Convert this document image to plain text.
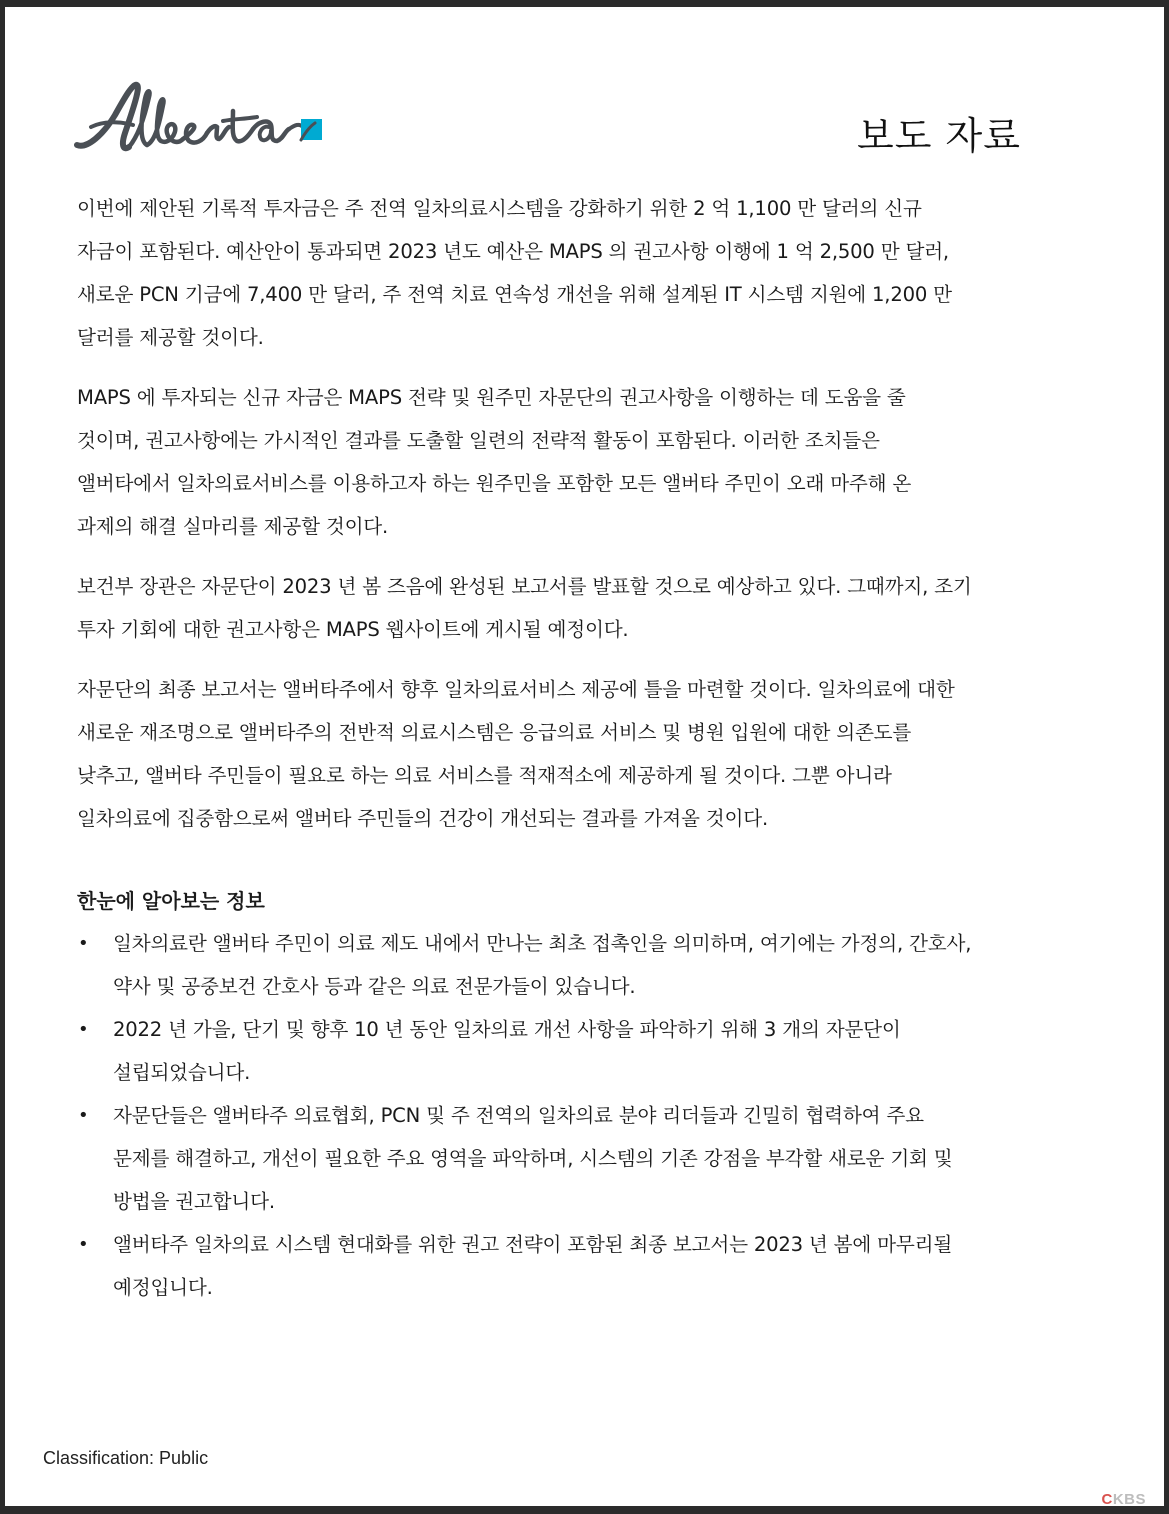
보도 자료

이번에 제안된 기록적 투자금은 주 전역 일차의료시스템을 강화하기 위한 2 억 1,100 만 달러의 신규
자금이 포함된다. 예산안이 통과되면 2023 년도 예산은 MAPS 의 권고사항 이행에 1 억 2,500 만 달러,
새로운 PCN 기금에 7,400 만 달러, 주 전역 치료 연속성 개선을 위해 설계된 IT 시스템 지원에 1,200 만
달러를 제공할 것이다.

MAPS 에 투자되는 신규 자금은 MAPS 전략 및 원주민 자문단의 권고사항을 이행하는 데 도움을 줄
것이며, 권고사항에는 가시적인 결과를 도출할 일련의 전략적 활동이 포함된다. 이러한 조치들은
앨버타에서 일차의료서비스를 이용하고자 하는 원주민을 포함한 모든 앨버타 주민이 오래 마주해 온
과제의 해결 실마리를 제공할 것이다.

보건부 장관은 자문단이 2023 년 봄 즈음에 완성된 보고서를 발표할 것으로 예상하고 있다. 그때까지, 조기
투자 기회에 대한 권고사항은 MAPS 웹사이트에 게시될 예정이다.

자문단의 최종 보고서는 앨버타주에서 향후 일차의료서비스 제공에 틀을 마련할 것이다. 일차의료에 대한
새로운 재조명으로 앨버타주의 전반적 의료시스템은 응급의료 서비스 및 병원 입원에 대한 의존도를
낮추고, 앨버타 주민들이 필요로 하는 의료 서비스를 적재적소에 제공하게 될 것이다. 그뿐 아니라
일차의료에 집중함으로써 앨버타 주민들의 건강이 개선되는 결과를 가져올 것이다.

한눈에 알아보는 정보
• 일차의료란 앨버타 주민이 의료 제도 내에서 만나는 최초 접촉인을 의미하며, 여기에는 가정의, 간호사,
약사 및 공중보건 간호사 등과 같은 의료 전문가들이 있습니다.
• 2022 년 가을, 단기 및 향후 10 년 동안 일차의료 개선 사항을 파악하기 위해 3 개의 자문단이
설립되었습니다.
• 자문단들은 앨버타주 의료협회, PCN 및 주 전역의 일차의료 분야 리더들과 긴밀히 협력하여 주요
문제를 해결하고, 개선이 필요한 주요 영역을 파악하며, 시스템의 기존 강점을 부각할 새로운 기회 및
방법을 권고합니다.
• 앨버타주 일차의료 시스템 현대화를 위한 권고 전략이 포함된 최종 보고서는 2023 년 봄에 마무리될
예정입니다.
Classification: Public
CKBS
